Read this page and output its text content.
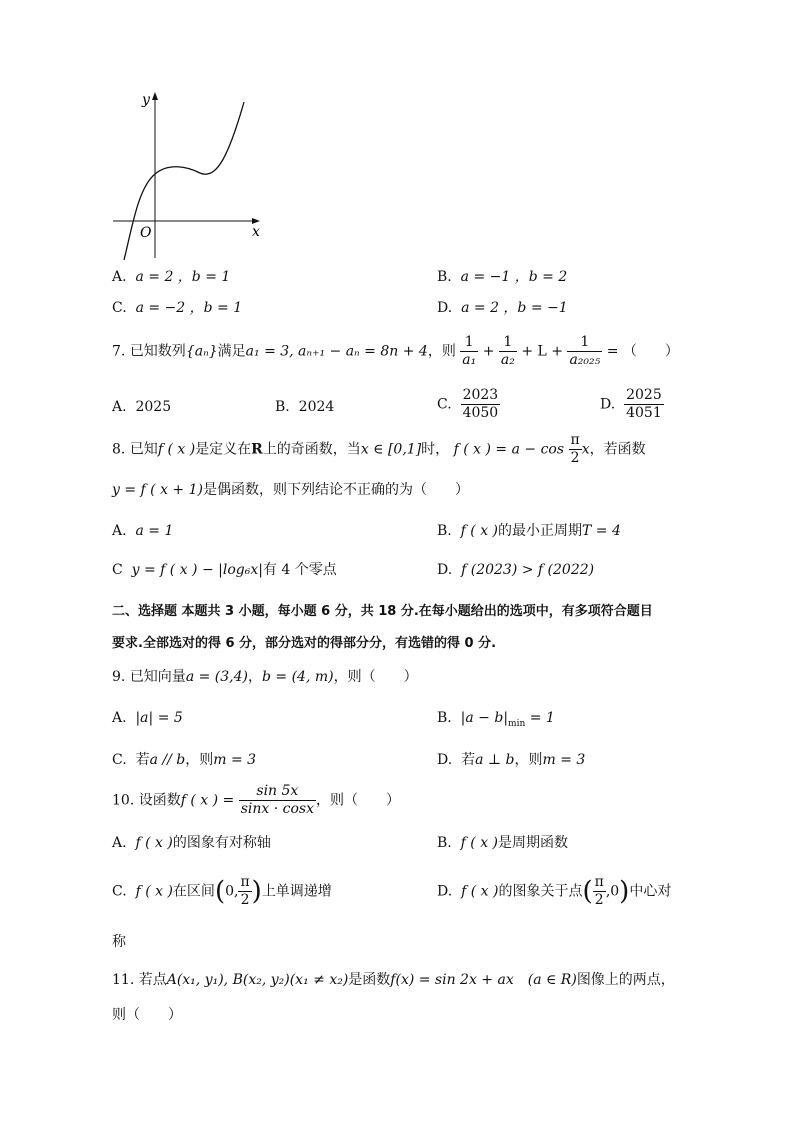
y
x
O
A. a = 2 ，b = 1	B. a = −1 ，b = 2
C. a = −2 ，b = 1	D. a = 2 ，b = −1
7. 已知数列{aₙ}满足a₁ = 3, aₙ₊₁ − aₙ = 8n + 4，则 $\frac{1}{\text{a₁}} + \frac{1}{\text{a₂}} + L + \frac{1}{\text{a₂₀₂₅}}$ = （　　）
A. 2025	B. 2024	C. $\frac{2023}{4050}$	D. $\frac{2025}{4051}$
8. 已知f ( x )是定义在R上的奇函数，当x ∈ [0,1]时， f ( x ) = $a - \cos \frac{\pi}{2}$ x，若函数
y = f ( x + 1)是偶函数，则下列结论不正确的为（　　）
A. a = 1	B. f ( x )的最小正周期T = 4
C y = f ( x ) − |log₆x|有 4 个零点	D. f (2023) > f (2022)
二、选择题 本题共 3 小题，每小题 6 分，共 18 分.在每小题给出的选项中，有多项符合题目
要求.全部选对的得 6 分，部分选对的得部分分，有选错的得 0 分.
9. 已知向量a = (3,4)，b = (4, m)，则（　　）
A. |a| = 5	B. $|a - b|_{min} = 1$
C. 若a // b，则m = 3	D. 若a ⊥ b，则m = 3
10. 设函数f ( x ) = $\frac{\sin 5x}{\sin x \cdot \cos x}$ ，则（　　）
A. f ( x )的图象有对称轴	B. f ( x )是周期函数
C. f ( x )在区间(0, $\frac{\pi}{2}$ )上单调递增	D. f ( x )的图象关于点( $\frac{\pi}{2} ,0$)中心对
称
11. 若点A(x₁, y₁), B(x₂, y₂)(x₁ ≠ x₂)是函数f(x) = sin 2x + ax　(a ∈ R)图像上的两点，
则（　　）
